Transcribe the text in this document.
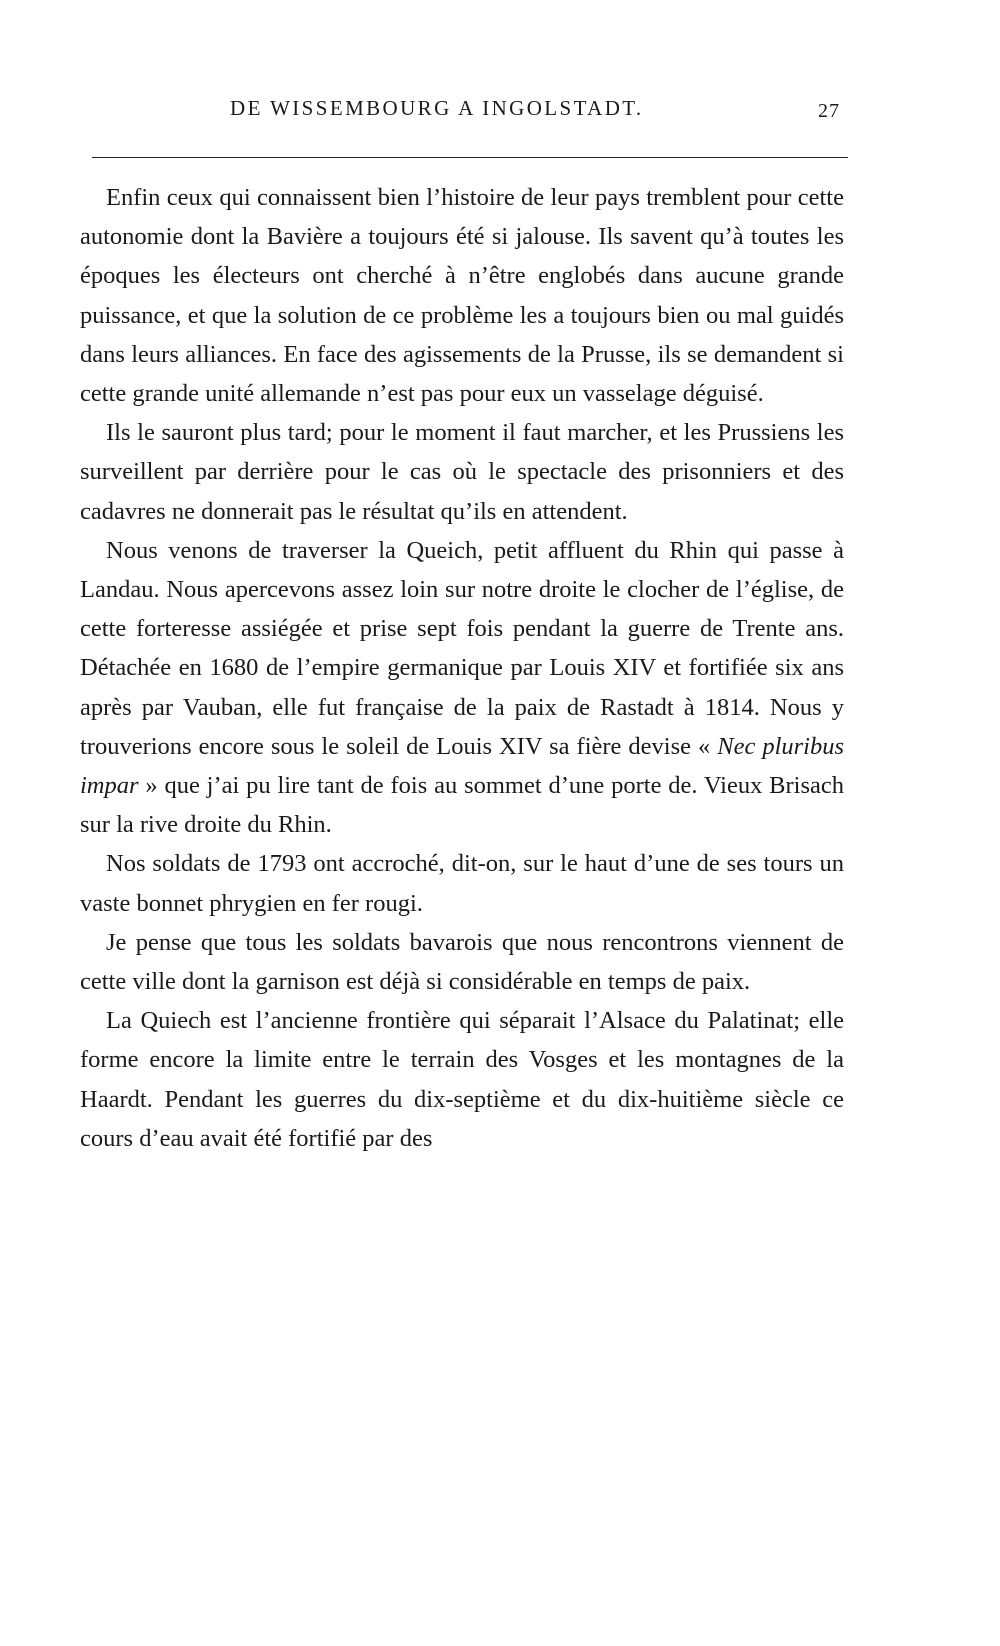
DE WISSEMBOURG A INGOLSTADT.	27

Enfin ceux qui connaissent bien l’histoire de leur pays tremblent pour cette autonomie dont la Bavière a toujours été si jalouse. Ils savent qu’à toutes les époques les électeurs ont cherché à n’être englobés dans aucune grande puissance, et que la solution de ce problème les a toujours bien ou mal guidés dans leurs alliances. En face des agissements de la Prusse, ils se demandent si cette grande unité allemande n’est pas pour eux un vasselage déguisé.

Ils le sauront plus tard; pour le moment il faut marcher, et les Prussiens les surveillent par derrière pour le cas où le spectacle des prisonniers et des cadavres ne donnerait pas le résultat qu’ils en attendent.

Nous venons de traverser la Queich, petit affluent du Rhin qui passe à Landau. Nous apercevons assez loin sur notre droite le clocher de l’église, de cette forteresse assiégée et prise sept fois pendant la guerre de Trente ans. Détachée en 1680 de l’empire germanique par Louis XIV et fortifiée six ans après par Vauban, elle fut française de la paix de Rastadt à 1814. Nous y trouverions encore sous le soleil de Louis XIV sa fière devise « Nec pluribus impar » que j’ai pu lire tant de fois au sommet d’une porte de. Vieux Brisach sur la rive droite du Rhin.

Nos soldats de 1793 ont accroché, dit-on, sur le haut d’une de ses tours un vaste bonnet phrygien en fer rougi.

Je pense que tous les soldats bavarois que nous rencontrons viennent de cette ville dont la garnison est déjà si considérable en temps de paix.

La Quiech est l’ancienne frontière qui séparait l’Alsace du Palatinat; elle forme encore la limite entre le terrain des Vosges et les montagnes de la Haardt. Pendant les guerres du dix-septième et du dix-huitième siècle ce cours d’eau avait été fortifié par des
